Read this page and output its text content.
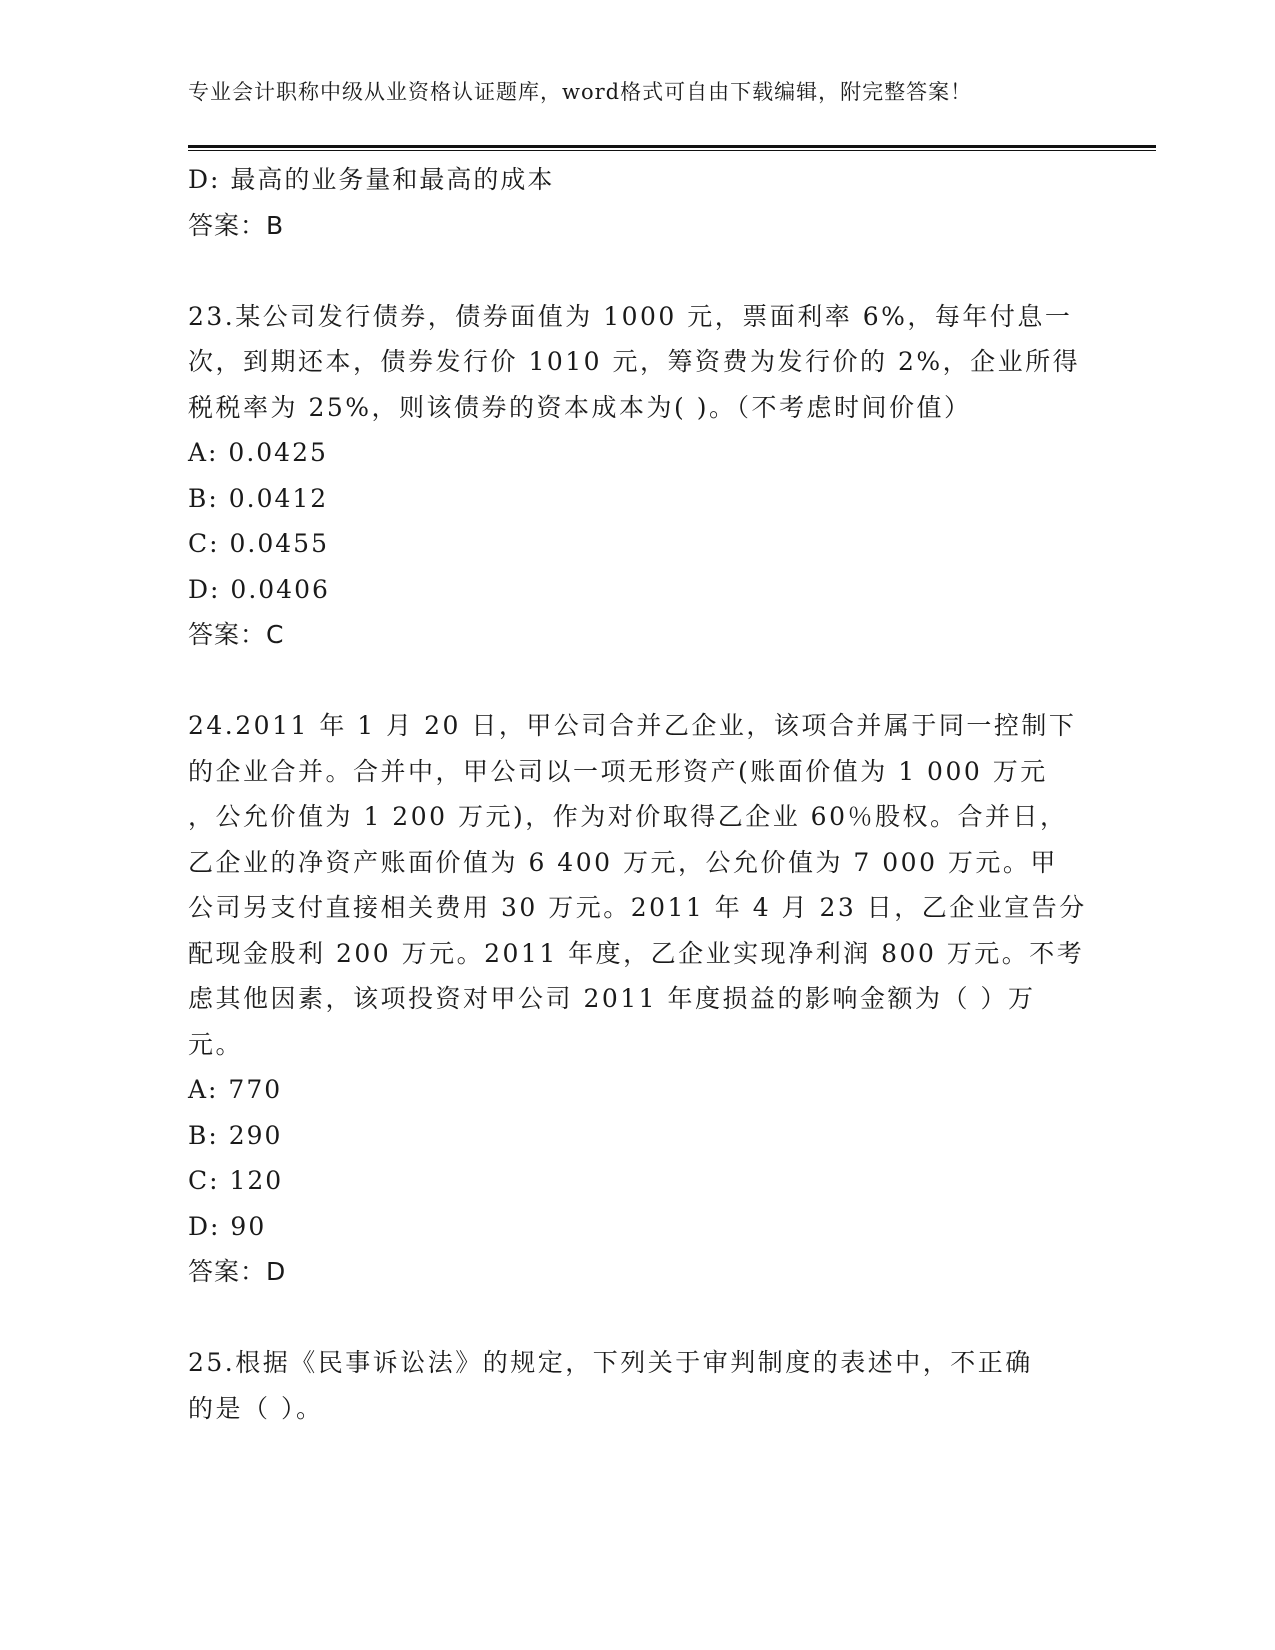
专业会计职称中级从业资格认证题库，word格式可自由下载编辑，附完整答案！
D: 最高的业务量和最高的成本
答案：B
23.某公司发行债券，债券面值为 1000 元，票面利率 6%，每年付息一
次，到期还本，债券发行价 1010 元，筹资费为发行价的 2%，企业所得
税税率为 25%，则该债券的资本成本为( )。（不考虑时间价值）
A: 0.0425
B: 0.0412
C: 0.0455
D: 0.0406
答案：C
24.2011 年 1 月 20 日，甲公司合并乙企业，该项合并属于同一控制下
的企业合并。合并中，甲公司以一项无形资产(账面价值为 1 000 万元
，公允价值为 1 200 万元)，作为对价取得乙企业 60％股权。合并日，
乙企业的净资产账面价值为 6 400 万元，公允价值为 7 000 万元。甲
公司另支付直接相关费用 30 万元。2011 年 4 月 23 日，乙企业宣告分
配现金股利 200 万元。2011 年度，乙企业实现净利润 800 万元。不考
虑其他因素，该项投资对甲公司 2011 年度损益的影响金额为（ ）万
元。
A: 770
B: 290
C: 120
D: 90
答案：D
25.根据《民事诉讼法》的规定，下列关于审判制度的表述中，不正确
的是（ ）。
